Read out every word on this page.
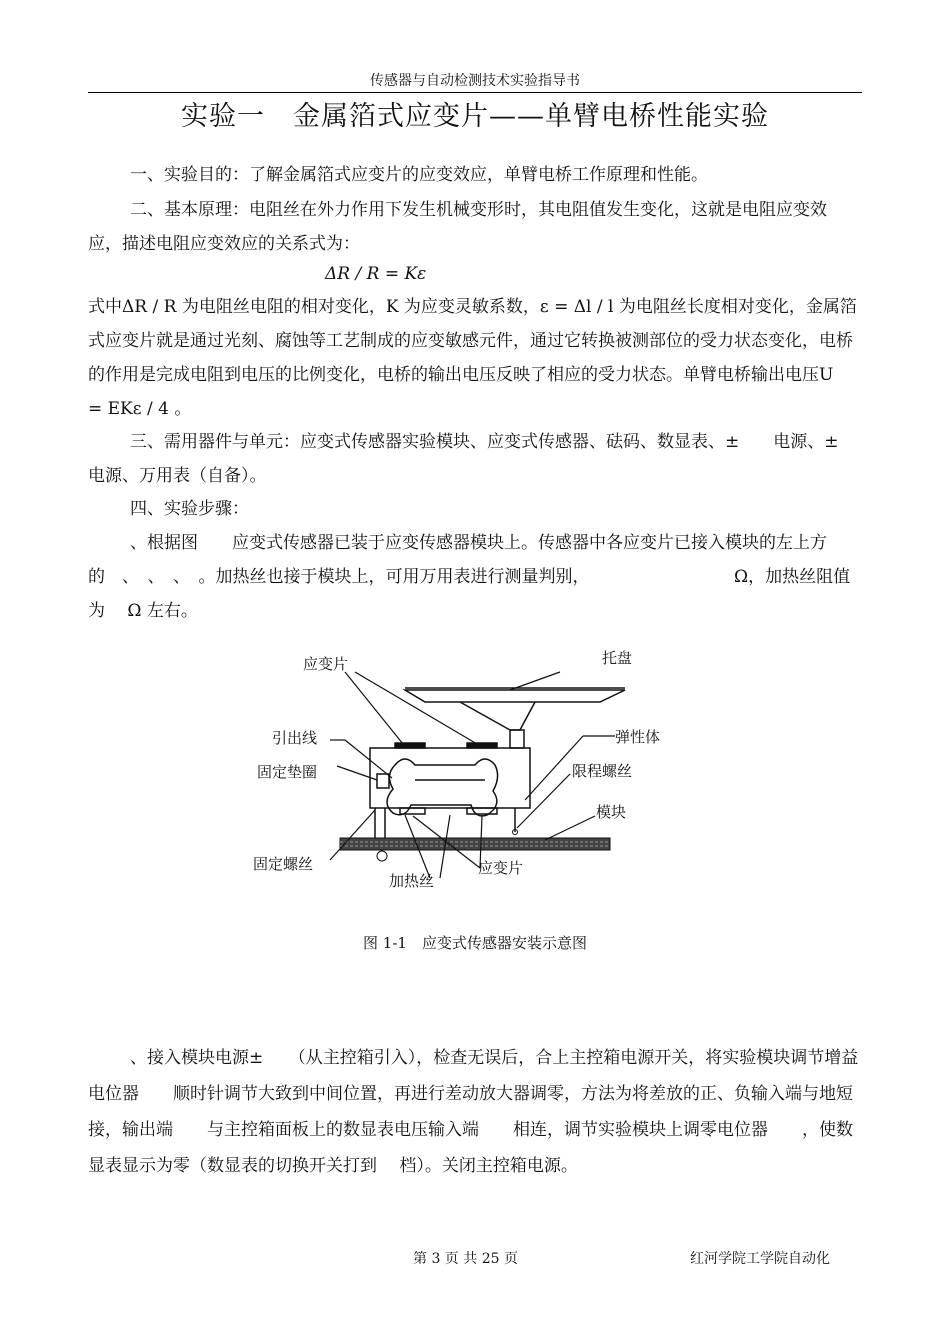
传感器与自动检测技术实验指导书
实验一　金属箔式应变片——单臂电桥性能实验
一、实验目的：了解金属箔式应变片的应变效应，单臂电桥工作原理和性能。
二、基本原理：电阻丝在外力作用下发生机械变形时，其电阻值发生变化，这就是电阻应变效应，描述电阻应变效应的关系式为：
ΔR / R = Kε
式中ΔR / R 为电阻丝电阻的相对变化，K 为应变灵敏系数，ε = Δl / l 为电阻丝长度相对变化，金属箔式应变片就是通过光刻、腐蚀等工艺制成的应变敏感元件，通过它转换被测部位的受力状态变化，电桥的作用是完成电阻到电压的比例变化，电桥的输出电压反映了相应的受力状态。单臂电桥输出电压U　= EKε / 4 。
三、需用器件与单元：应变式传感器实验模块、应变式传感器、砝码、数显表、±　　电源、±　 电源、万用表（自备）。
四、实验步骤：
、根据图　　应变式传感器已装于应变传感器模块上。传感器中各应变片已接入模块的左上方的　、　、　、　。加热丝也接于模块上，可用万用表进行测量判别，　　　　　　　　　Ω，加热丝阻值为　 Ω 左右。
应变片	托盘
引出线	弹性体
固定垫圈	限程螺丝
模块
固定螺丝	应变片
加热丝
图 1-1　应变式传感器安装示意图
、接入模块电源±　　（从主控箱引入），检查无误后，合上主控箱电源开关，将实验模块调节增益电位器　　顺时针调节大致到中间位置，再进行差动放大器调零，方法为将差放的正、负输入端与地短接，输出端　　与主控箱面板上的数显表电压输入端　　相连，调节实验模块上调零电位器　　，使数显表显示为零（数显表的切换开关打到　 档）。关闭主控箱电源。
第 3 页 共 25 页	红河学院工学院自动化
